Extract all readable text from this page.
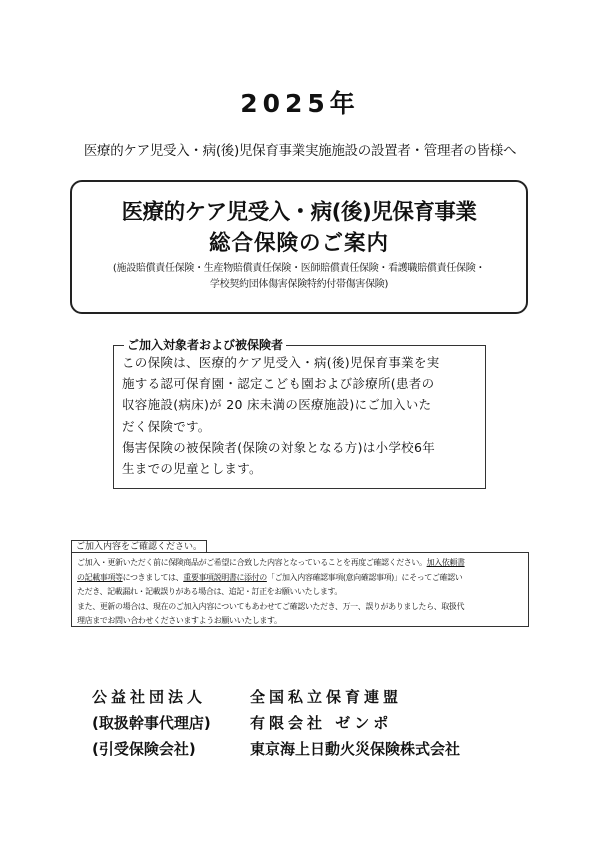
2025年
医療的ケア児受入・病(後)児保育事業実施施設の設置者・管理者の皆様へ
医療的ケア児受入・病(後)児保育事業
総合保険のご案内
(施設賠償責任保険・生産物賠償責任保険・医師賠償責任保険・看護職賠償責任保険・
学校契約団体傷害保険特約付帯傷害保険)
ご加入対象者および被保険者
この保険は、医療的ケア児受入・病(後)児保育事業を実
施する認可保育園・認定こども園および診療所(患者の
収容施設(病床)が 20 床未満の医療施設)にご加入いた
だく保険です。
傷害保険の被保険者(保険の対象となる方)は小学校6年
生までの児童とします。
ご加入内容をご確認ください。
ご加入・更新いただく前に保険商品がご希望に合致した内容となっていることを再度ご確認ください。加入依頼書
の記載事項等につきましては、重要事項説明書に添付の「ご加入内容確認事項(意向確認事項)」にそってご確認い
ただき、記載漏れ・記載誤りがある場合は、追記・訂正をお願いいたします。
また、更新の場合は、現在のご加入内容についてもあわせてご確認いただき、万一、誤りがありましたら、取扱代
理店までお問い合わせくださいますようお願いいたします。
公益社団法人	全国私立保育連盟
(取扱幹事代理店)	有限会社 ゼンポ
(引受保険会社)	東京海上日動火災保険株式会社
